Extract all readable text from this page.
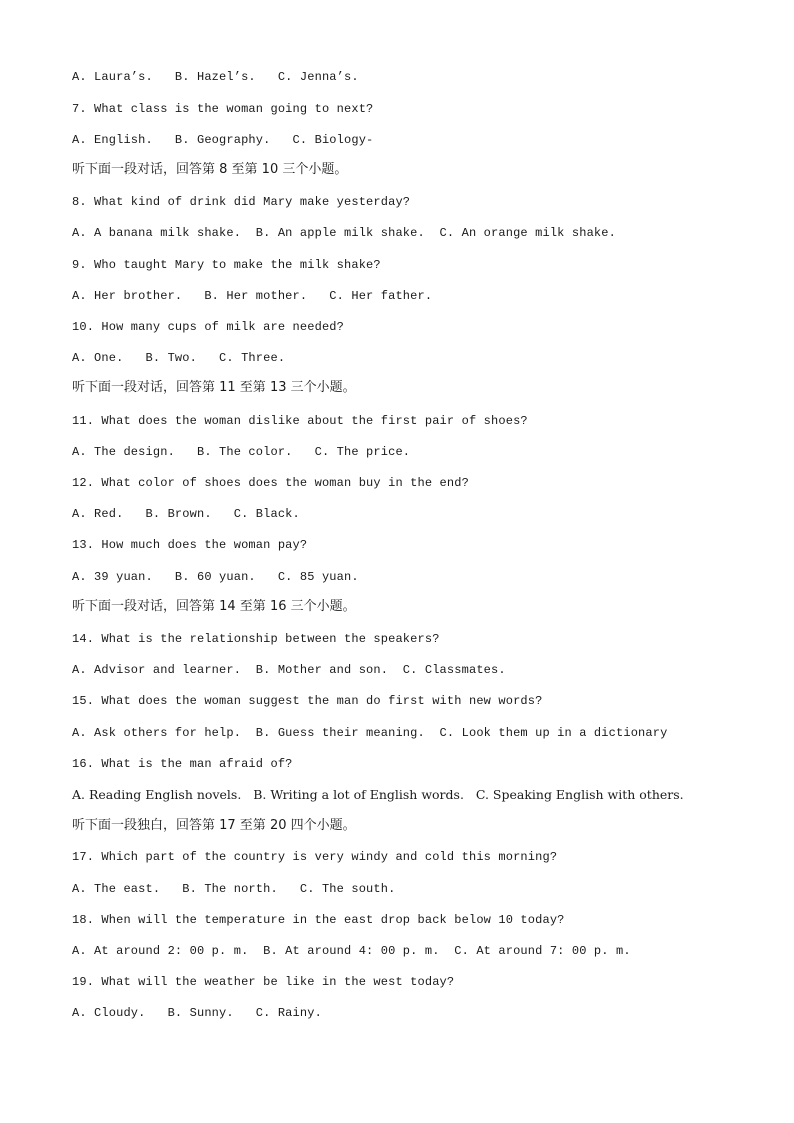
A. Laura’s.   B. Hazel’s.   C. Jenna’s.

7. What class is the woman going to next?

A. English.   B. Geography.   C. Biology-

听下面一段对话，回答第 8 至第 10 三个小题。

8. What kind of drink did Mary make yesterday?

A. A banana milk shake.  B. An apple milk shake.  C. An orange milk shake.

9. Who taught Mary to make the milk shake?

A. Her brother.   B. Her mother.   C. Her father.

10. How many cups of milk are needed?

A. One.   B. Two.   C. Three.

听下面一段对话，回答第 11 至第 13 三个小题。

11. What does the woman dislike about the first pair of shoes?

A. The design.   B. The color.   C. The price.

12. What color of shoes does the woman buy in the end?

A. Red.   B. Brown.   C. Black.

13. How much does the woman pay?

A. 39 yuan.   B. 60 yuan.   C. 85 yuan.

听下面一段对话，回答第 14 至第 16 三个小题。

14. What is the relationship between the speakers?

A. Advisor and learner.  B. Mother and son.  C. Classmates.

15. What does the woman suggest the man do first with new words?

A. Ask others for help.  B. Guess their meaning.  C. Look them up in a dictionary

16. What is the man afraid of?

A. Reading English novels.   B. Writing a lot of English words.   C. Speaking English with others.

听下面一段独白，回答第 17 至第 20 四个小题。

17. Which part of the country is very windy and cold this morning?

A. The east.   B. The north.   C. The south.

18. When will the temperature in the east drop back below 10 today?

A. At around 2: 00 p. m.  B. At around 4: 00 p. m.  C. At around 7: 00 p. m.

19. What will the weather be like in the west today?

A. Cloudy.   B. Sunny.   C. Rainy.
